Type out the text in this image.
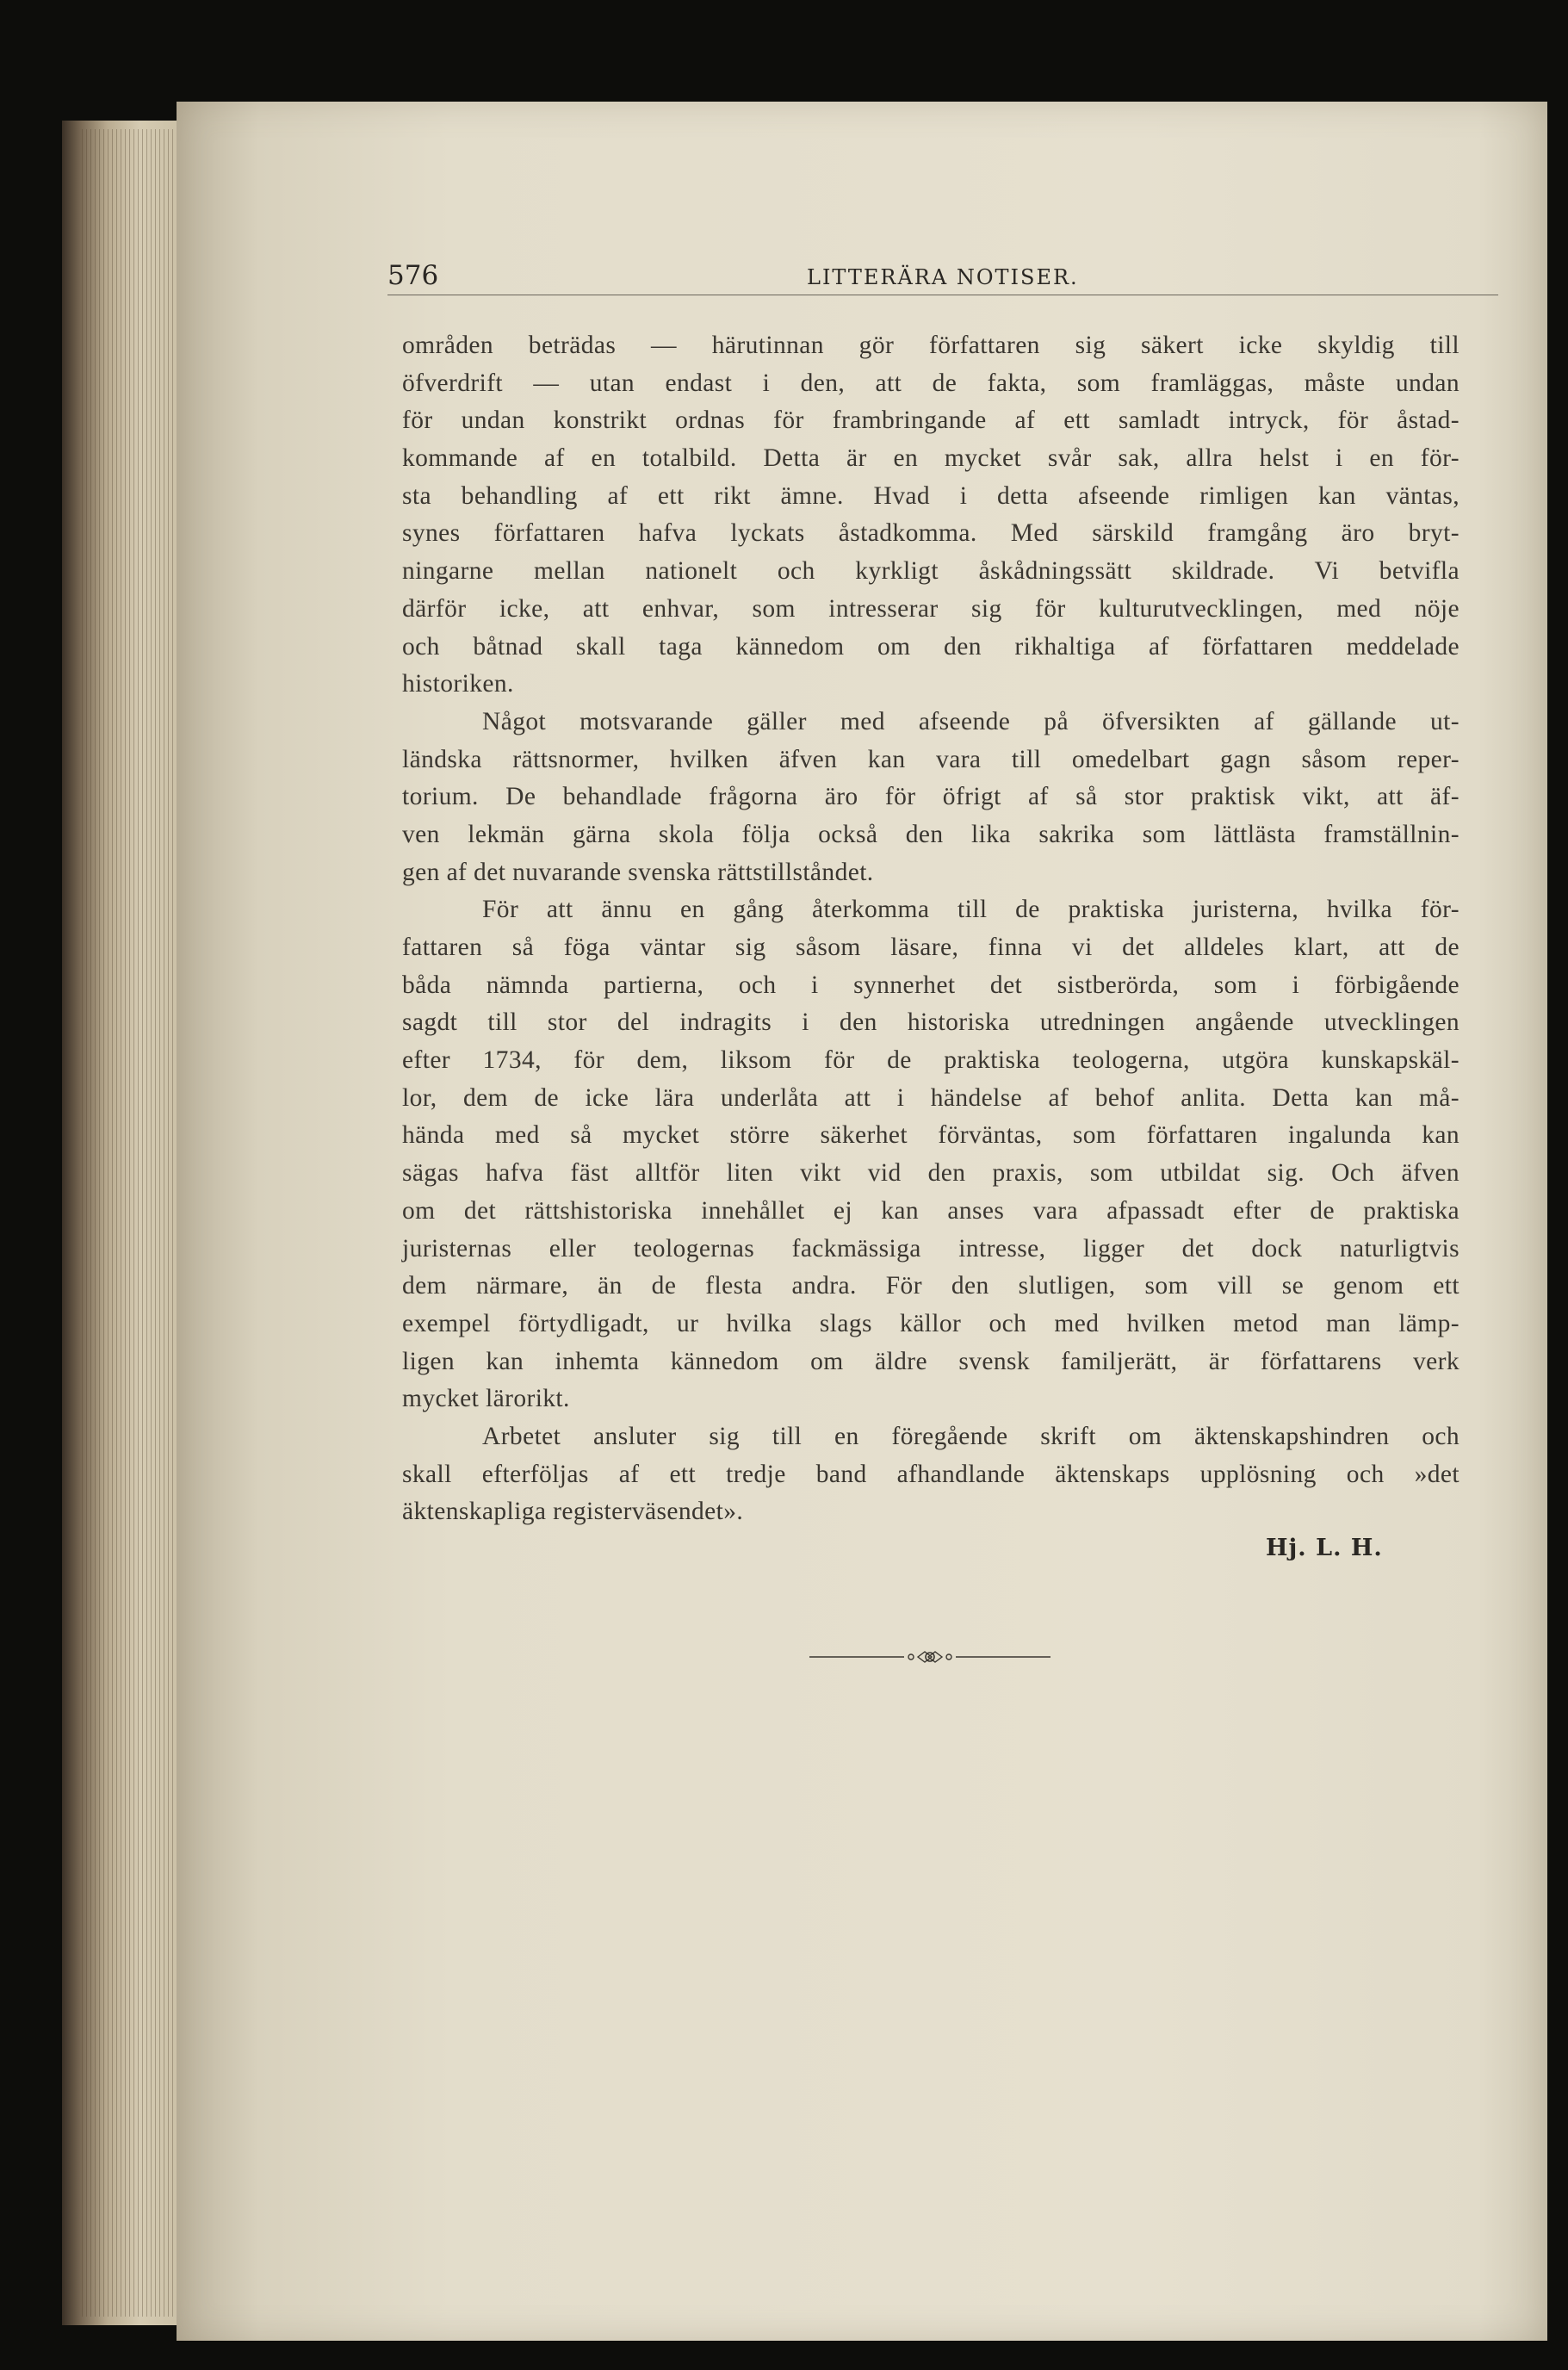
576	LITTERÄRA NOTISER.
områden beträdas — härutinnan gör författaren sig säkert icke skyldig till
öfverdrift — utan endast i den, att de fakta, som framläggas, måste undan
för undan konstrikt ordnas för frambringande af ett samladt intryck, för åstad-
kommande af en totalbild. Detta är en mycket svår sak, allra helst i en för-
sta behandling af ett rikt ämne. Hvad i detta afseende rimligen kan väntas,
synes författaren hafva lyckats åstadkomma. Med särskild framgång äro bryt-
ningarne mellan nationelt och kyrkligt åskådningssätt skildrade. Vi betvifla
därför icke, att enhvar, som intresserar sig för kulturutvecklingen, med nöje
och båtnad skall taga kännedom om den rikhaltiga af författaren meddelade
historiken.
Något motsvarande gäller med afseende på öfversikten af gällande ut-
ländska rättsnormer, hvilken äfven kan vara till omedelbart gagn såsom reper-
torium. De behandlade frågorna äro för öfrigt af så stor praktisk vikt, att äf-
ven lekmän gärna skola följa också den lika sakrika som lättlästa framställnin-
gen af det nuvarande svenska rättstillståndet.
För att ännu en gång återkomma till de praktiska juristerna, hvilka för-
fattaren så föga väntar sig såsom läsare, finna vi det alldeles klart, att de
båda nämnda partierna, och i synnerhet det sistberörda, som i förbigående
sagdt till stor del indragits i den historiska utredningen angående utvecklingen
efter 1734, för dem, liksom för de praktiska teologerna, utgöra kunskapskäl-
lor, dem de icke lära underlåta att i händelse af behof anlita. Detta kan må-
hända med så mycket större säkerhet förväntas, som författaren ingalunda kan
sägas hafva fäst alltför liten vikt vid den praxis, som utbildat sig. Och äfven
om det rättshistoriska innehållet ej kan anses vara afpassadt efter de praktiska
juristernas eller teologernas fackmässiga intresse, ligger det dock naturligtvis
dem närmare, än de flesta andra. För den slutligen, som vill se genom ett
exempel förtydligadt, ur hvilka slags källor och med hvilken metod man lämp-
ligen kan inhemta kännedom om äldre svensk familjerätt, är författarens verk
mycket lärorikt.
Arbetet ansluter sig till en föregående skrift om äktenskapshindren och
skall efterföljas af ett tredje band afhandlande äktenskaps upplösning och »det
äktenskapliga registerväsendet».
Hj. L. H.
